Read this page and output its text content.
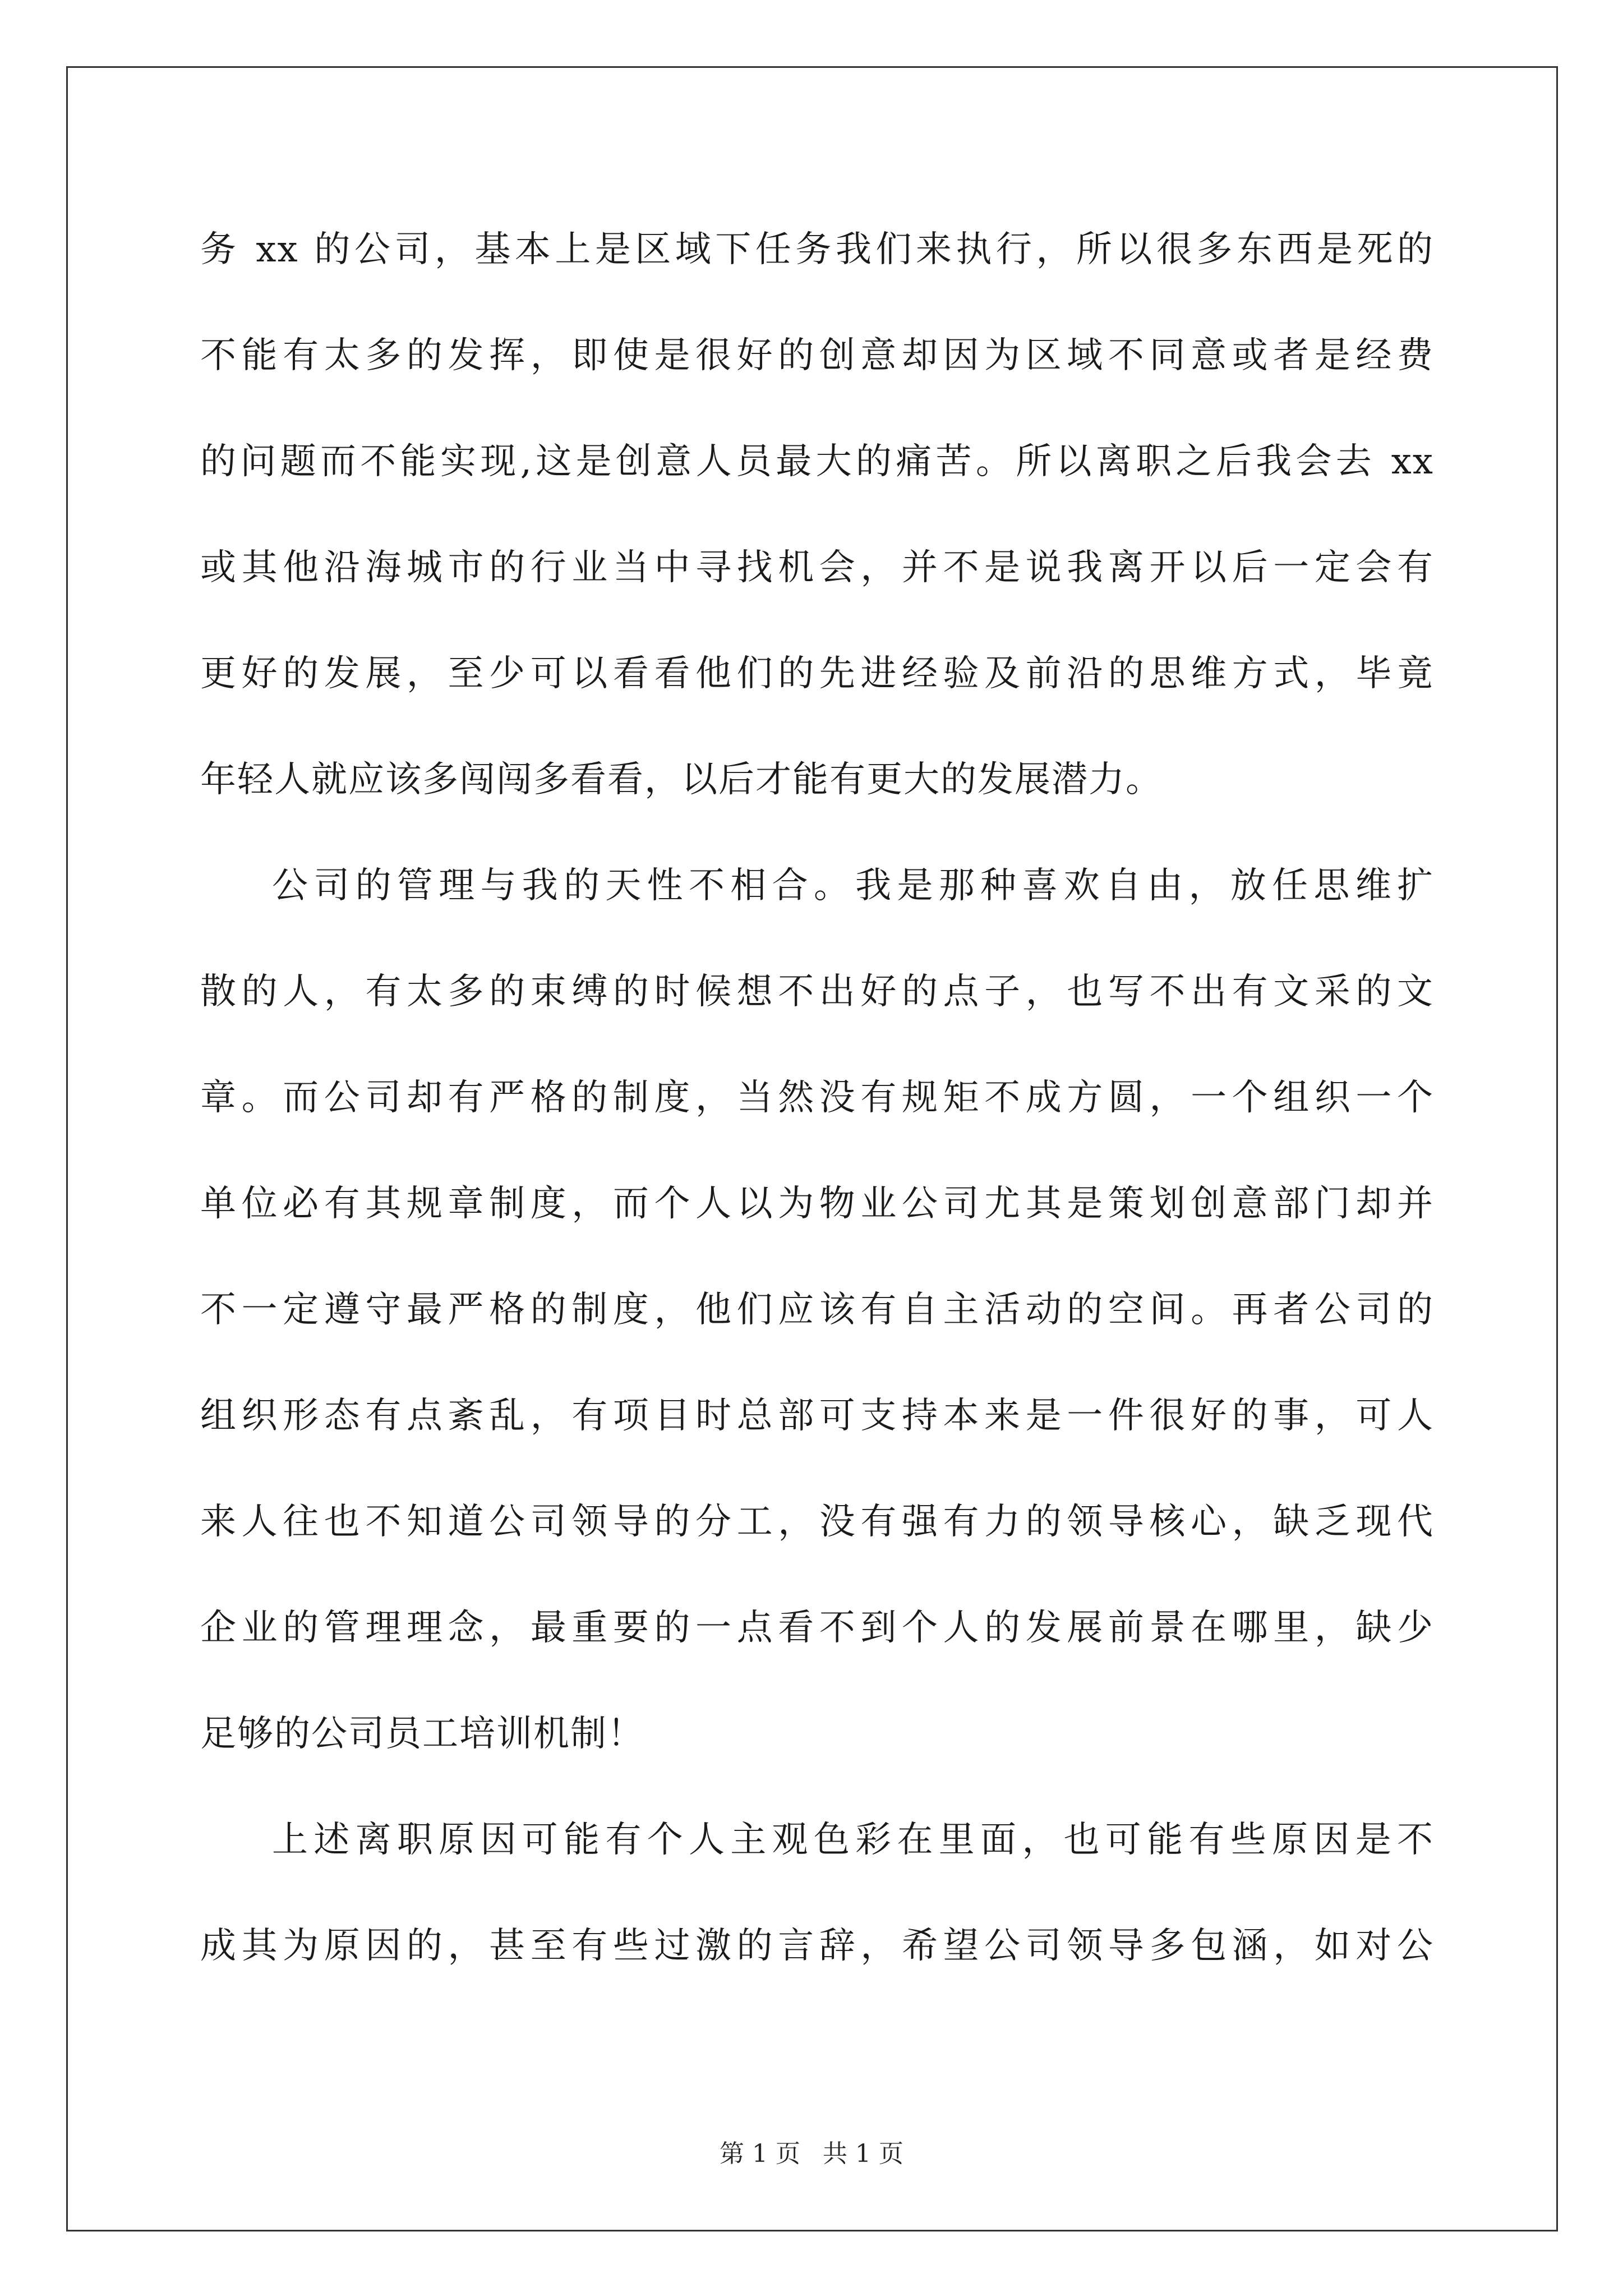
务 xx 的公司，基本上是区域下任务我们来执行，所以很多东西是死的
不能有太多的发挥，即使是很好的创意却因为区域不同意或者是经费
的问题而不能实现,这是创意人员最大的痛苦。所以离职之后我会去 xx
或其他沿海城市的行业当中寻找机会，并不是说我离开以后一定会有
更好的发展，至少可以看看他们的先进经验及前沿的思维方式，毕竟
年轻人就应该多闯闯多看看，以后才能有更大的发展潜力。
公司的管理与我的天性不相合。我是那种喜欢自由，放任思维扩
散的人，有太多的束缚的时候想不出好的点子，也写不出有文采的文
章。而公司却有严格的制度，当然没有规矩不成方圆，一个组织一个
单位必有其规章制度，而个人以为物业公司尤其是策划创意部门却并
不一定遵守最严格的制度，他们应该有自主活动的空间。再者公司的
组织形态有点紊乱，有项目时总部可支持本来是一件很好的事，可人
来人往也不知道公司领导的分工，没有强有力的领导核心，缺乏现代
企业的管理理念，最重要的一点看不到个人的发展前景在哪里，缺少
足够的公司员工培训机制！
上述离职原因可能有个人主观色彩在里面，也可能有些原因是不
成其为原因的，甚至有些过激的言辞，希望公司领导多包涵，如对公
第 1 页 共 1 页
